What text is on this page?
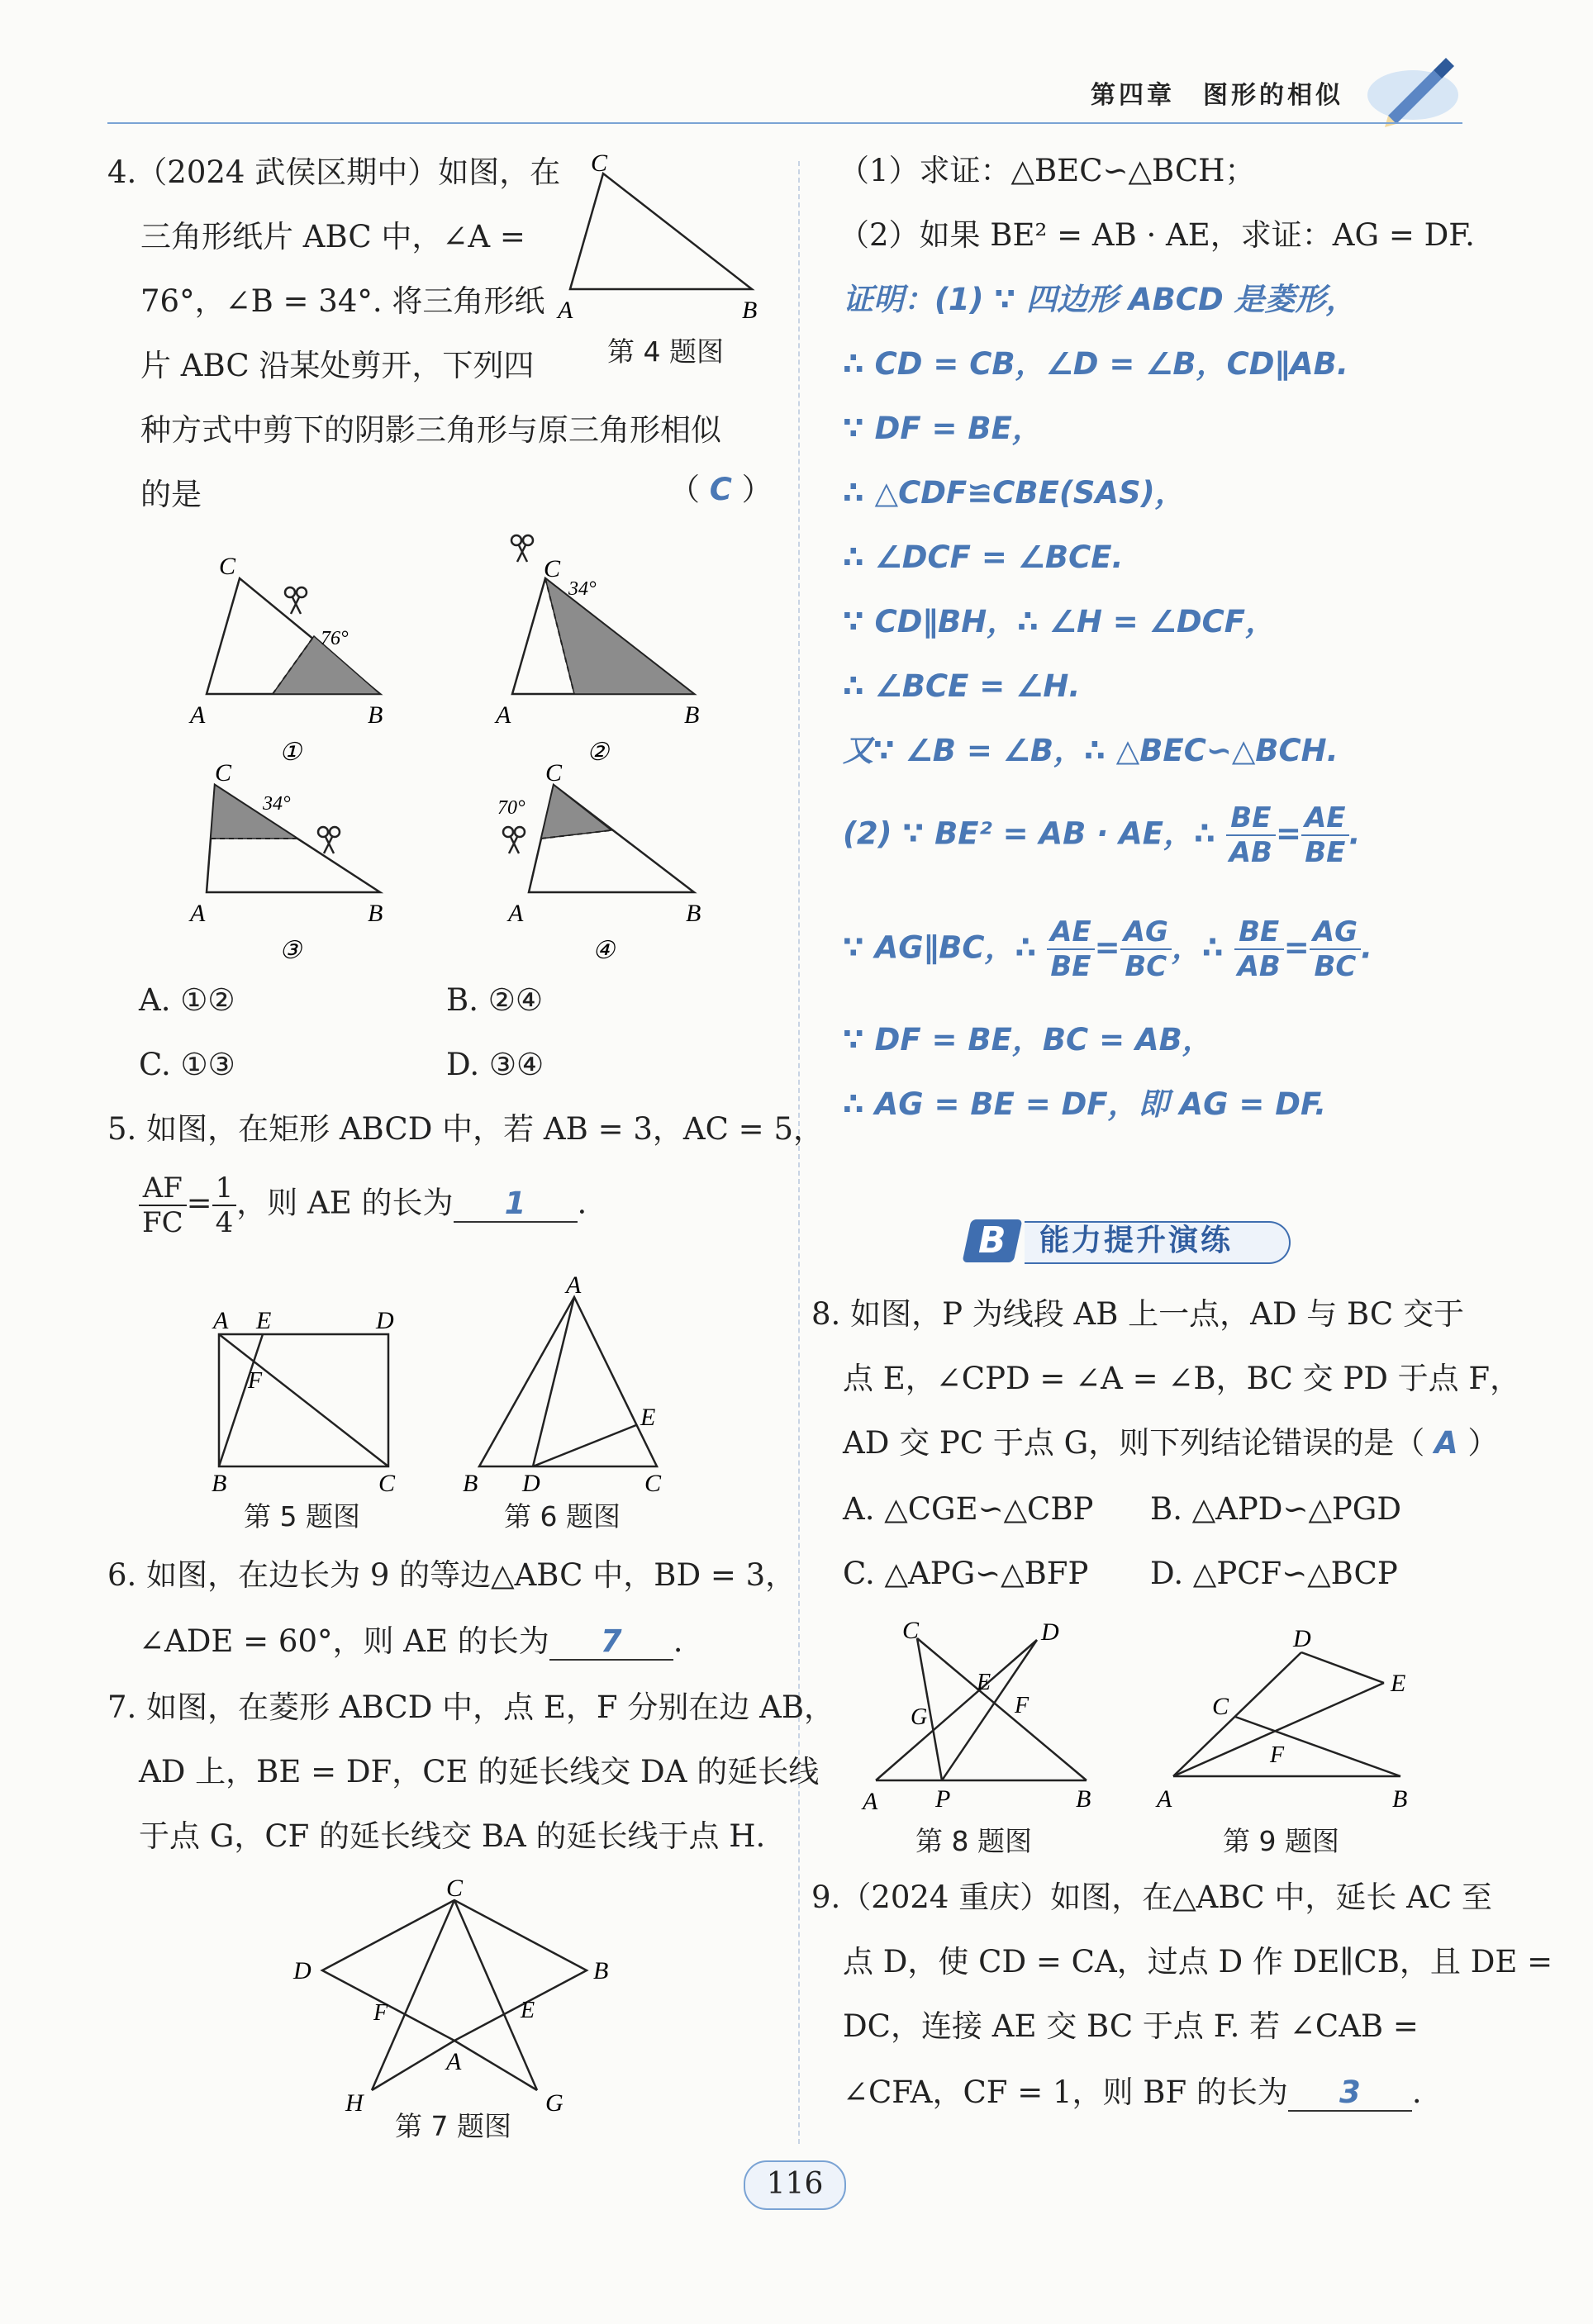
第四章　图形的相似
4.（2024 武侯区期中）如图，在
三角形纸片 ABC 中，∠A =
76°，∠B = 34°. 将三角形纸
片 ABC 沿某处剪开，下列四
种方式中剪下的阴影三角形与原三角形相似
的是	（ C ）
C
A	B
第 4 题图
C
A	B
76°
①
C
A	B
34°
②
C
A	B
34°
③
C
A	B
70°
④
A. ①②	B. ②④
C. ①③	D. ③④
5. 如图，在矩形 ABCD 中，若 AB = 3，AC = 5，
$\frac{AF}{FC} = \frac{1}{4}$ ，则 AE 的长为 1 .
A E	D
F
B	C
第 5 题图
A
E
B D	C
第 6 题图
6. 如图，在边长为 9 的等边△ABC 中，BD = 3，
∠ADE = 60°，则 AE 的长为 7 .
7. 如图，在菱形 ABCD 中，点 E，F 分别在边 AB，
AD 上，BE = DF，CE 的延长线交 DA 的延长线
于点 G，CF 的延长线交 BA 的延长线于点 H.
C
D	B
F	E
A
H	G
第 7 题图
（1）求证：△BEC∽△BCH；
（2）如果 BE² = AB · AE，求证：AG = DF.
证明：(1) ∵ 四边形 ABCD 是菱形，
∴ CD = CB，∠D = ∠B，CD∥AB.
∵ DF = BE，
∴ △CDF≌CBE(SAS)，
∴ ∠DCF = ∠BCE.
∵ CD∥BH，∴ ∠H = ∠DCF，
∴ ∠BCE = ∠H.
又∵ ∠B = ∠B，∴ △BEC∽△BCH.
(2) ∵ BE² = AB · AE，∴ $\frac{BE}{AB} = \frac{AE}{BE}$ .
∵ AG∥BC，∴ $\frac{AE}{BE} = \frac{AG}{BC}$ ，∴ $\frac{BE}{AB} = \frac{AG}{BC}$ .
∵ DF = BE，BC = AB，
∴ AG = BE = DF，即 AG = DF.
B 能力提升演练
8. 如图，P 为线段 AB 上一点，AD 与 BC 交于
点 E，∠CPD = ∠A = ∠B，BC 交 PD 于点 F，
AD 交 PC 于点 G，则下列结论错误的是（ A ）
A. △CGE∽△CBP B. △APD∽△PGD
C. △APG∽△BFP D. △PCF∽△BCP
C	D
E
F
G
A P	B
第 8 题图
D
E
C
F
A	B
第 9 题图
9.（2024 重庆）如图，在△ABC 中，延长 AC 至
点 D，使 CD = CA，过点 D 作 DE∥CB，且 DE =
DC，连接 AE 交 BC 于点 F. 若 ∠CAB =
∠CFA，CF = 1，则 BF 的长为 3 .
116
